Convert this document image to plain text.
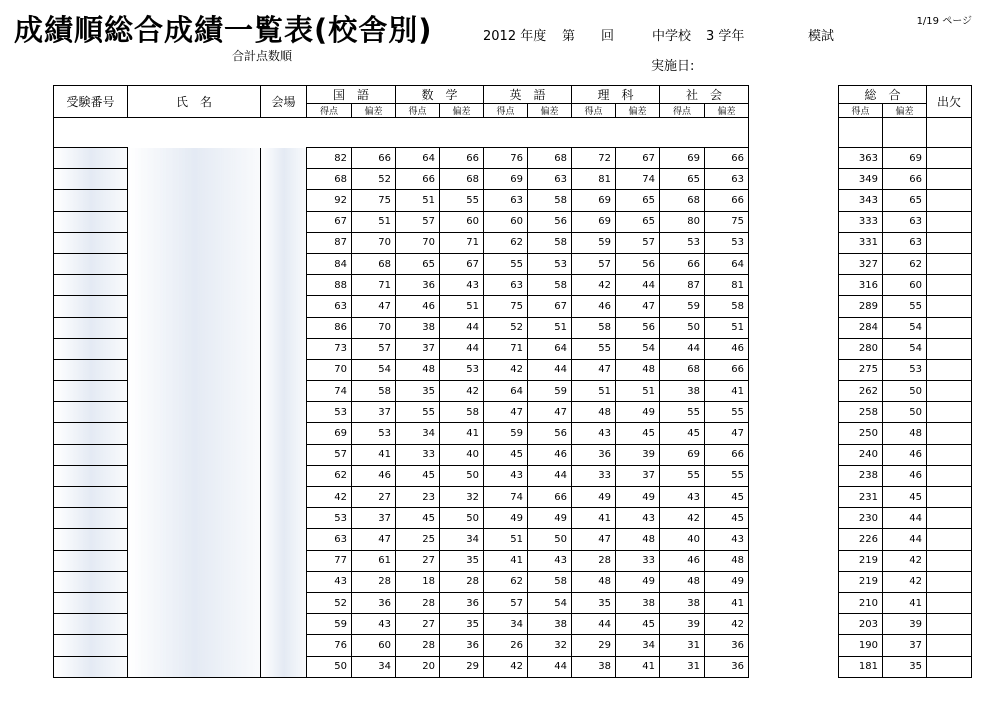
成績順総合成績一覧表(校舎別)
合計点数順
2012 年度 第　　回	中学校 3 学年	模試
1/19 ページ
実施日:
受験番号	氏　名	会場	国　語		数　学		英　語		理　科		社　会	
			得点	偏差	得点	偏差	得点	偏差	得点	偏差	得点	偏差

			82	66	64	66	76	68	72	67	69	66
			68	52	66	68	69	63	81	74	65	63
			92	75	51	55	63	58	69	65	68	66
			67	51	57	60	60	56	69	65	80	75
			87	70	70	71	62	58	59	57	53	53
			84	68	65	67	55	53	57	56	66	64
			88	71	36	43	63	58	42	44	87	81
			63	47	46	51	75	67	46	47	59	58
			86	70	38	44	52	51	58	56	50	51
			73	57	37	44	71	64	55	54	44	46
			70	54	48	53	42	44	47	48	68	66
			74	58	35	42	64	59	51	51	38	41
			53	37	55	58	47	47	48	49	55	55
			69	53	34	41	59	56	43	45	45	47
			57	41	33	40	45	46	36	39	69	66
			62	46	45	50	43	44	33	37	55	55
			42	27	23	32	74	66	49	49	43	45
			53	37	45	50	49	49	41	43	42	45
			63	47	25	34	51	50	47	48	40	43
			77	61	27	35	41	43	28	33	46	48
			43	28	18	28	62	58	48	49	48	49
			52	36	28	36	57	54	35	38	38	41
			59	43	27	35	34	38	44	45	39	42
			76	60	28	36	26	32	29	34	31	36
			50	34	20	29	42	44	38	41	31	36
総　合		出欠
得点	偏差	

363	69	
349	66	
343	65	
333	63	
331	63	
327	62	
316	60	
289	55	
284	54	
280	54	
275	53	
262	50	
258	50	
250	48	
240	46	
238	46	
231	45	
230	44	
226	44	
219	42	
219	42	
210	41	
203	39	
190	37	
181	35	
